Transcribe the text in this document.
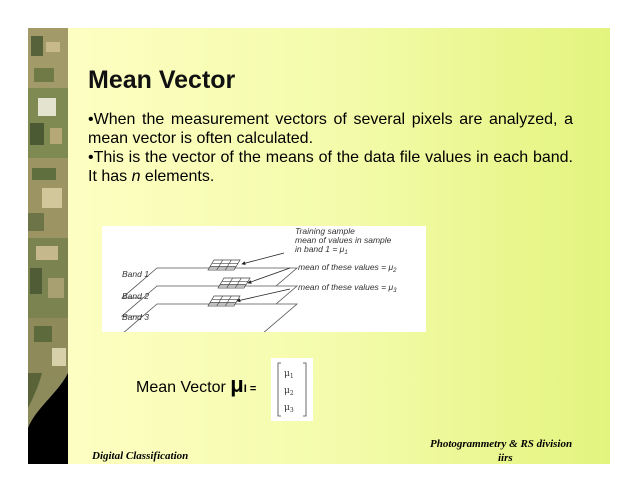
Mean Vector

•When the measurement vectors of several pixels are analyzed, a mean vector is often calculated.

•This is the vector of the means of the data file values in each band. It has n elements.

Training sample
mean of values in sample
in band $1 = \mu_1$
mean of these values = $\mu_2$
mean of these values = $\mu_3$
Band 1
Band 2
Band 3
Mean Vector μI =
$\mu_1$
$\mu_2$
$\mu_3$
Digital Classification
Photogrammetry & RS division
iirs
